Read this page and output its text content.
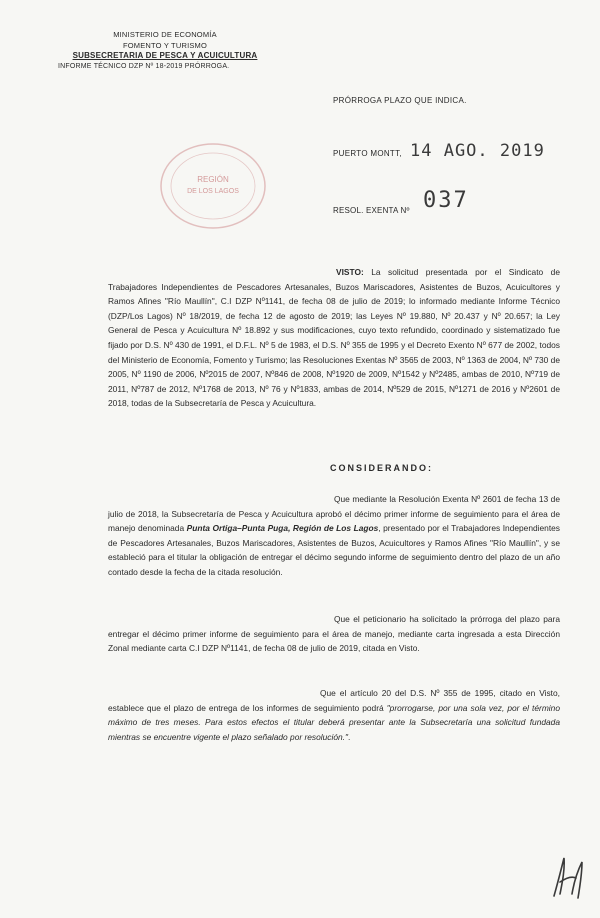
MINISTERIO DE ECONOMÍA
FOMENTO Y TURISMO
SUBSECRETARIA DE PESCA Y ACUICULTURA
INFORME TÉCNICO DZP Nº 18-2019 PRÓRROGA.
PRÓRROGA PLAZO QUE INDICA.
REGIÓN
DE LOS LAGOS
PUERTO MONTT, 14 AGO. 2019
RESOL. EXENTA Nº 037
VISTO: La solicitud presentada por el Sindicato de Trabajadores Independientes de Pescadores Artesanales, Buzos Mariscadores, Asistentes de Buzos, Acuicultores y Ramos Afines "Río Maullín", C.I DZP Nº1141, de fecha 08 de julio de 2019; lo informado mediante Informe Técnico (DZP/Los Lagos) Nº 18/2019, de fecha 12 de agosto de 2019; las Leyes Nº 19.880, Nº 20.437 y Nº 20.657; la Ley General de Pesca y Acuicultura Nº 18.892 y sus modificaciones, cuyo texto refundido, coordinado y sistematizado fue fijado por D.S. Nº 430 de 1991, el D.F.L. Nº 5 de 1983, el D.S. Nº 355 de 1995 y el Decreto Exento Nº 677 de 2002, todos del Ministerio de Economía, Fomento y Turismo; las Resoluciones Exentas Nº 3565 de 2003, Nº 1363 de 2004, Nº 730 de 2005, Nº 1190 de 2006, Nº2015 de 2007, Nº846 de 2008, Nº1920 de 2009, Nº1542 y Nº2485, ambas de 2010, Nº719 de 2011, Nº787 de 2012, Nº1768 de 2013, Nº 76 y Nº1833, ambas de 2014, Nº529 de 2015, Nº1271 de 2016 y Nº2601 de 2018, todas de la Subsecretaría de Pesca y Acuicultura.
CONSIDERANDO:
Que mediante la Resolución Exenta Nº 2601 de fecha 13 de julio de 2018, la Subsecretaría de Pesca y Acuicultura aprobó el décimo primer informe de seguimiento para el área de manejo denominada Punta Ortiga–Punta Puga, Región de Los Lagos, presentado por el Trabajadores Independientes de Pescadores Artesanales, Buzos Mariscadores, Asistentes de Buzos, Acuicultores y Ramos Afines "Río Maullín", y se estableció para el titular la obligación de entregar el décimo segundo informe de seguimiento dentro del plazo de un año contado desde la fecha de la citada resolución.
Que el peticionario ha solicitado la prórroga del plazo para entregar el décimo primer informe de seguimiento para el área de manejo, mediante carta ingresada a esta Dirección Zonal mediante carta C.I DZP Nº1141, de fecha 08 de julio de 2019, citada en Visto.
Que el artículo 20 del D.S. Nº 355 de 1995, citado en Visto, establece que el plazo de entrega de los informes de seguimiento podrá "prorrogarse, por una sola vez, por el término máximo de tres meses. Para estos efectos el titular deberá presentar ante la Subsecretaría una solicitud fundada mientras se encuentre vigente el plazo señalado por resolución.".
